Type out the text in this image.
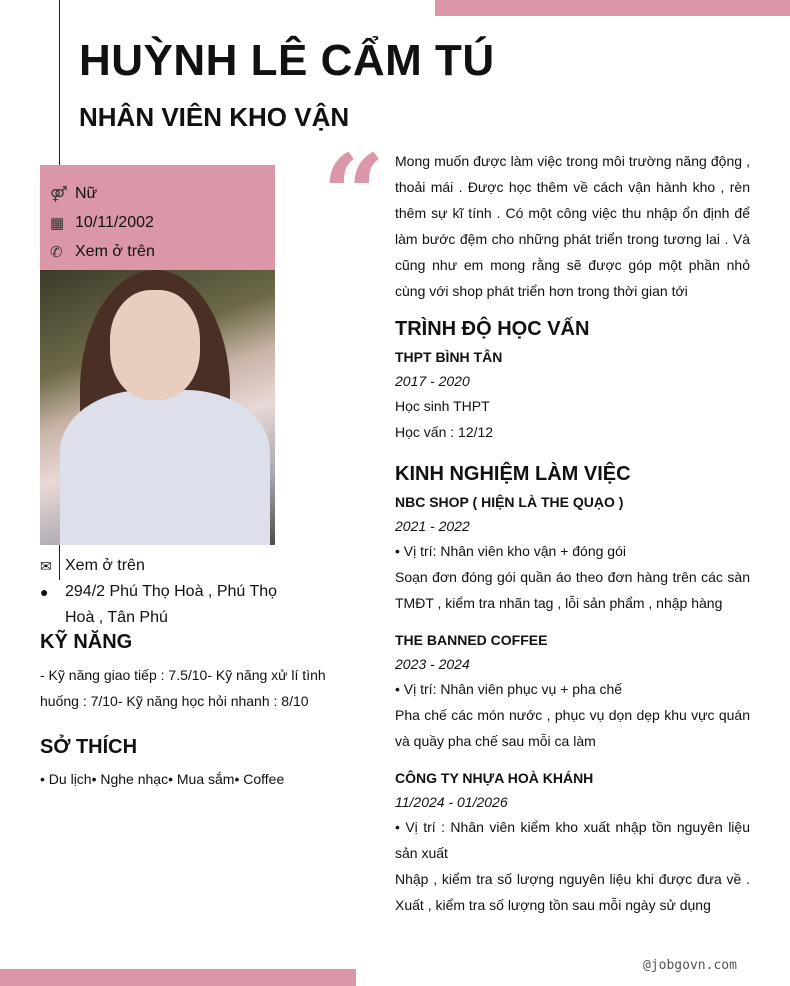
HUỲNH LÊ CẨM TÚ
NHÂN VIÊN KHO VẬN
⚤ Nữ
▦ 10/11/2002
✆ Xem ở trên
✉ Xem ở trên
●	294/2 Phú Thọ Hoà , Phú Thọ Hoà , Tân Phú
KỸ NĂNG
- Kỹ năng giao tiếp : 7.5/10- Kỹ năng xử lí tình huống : 7/10- Kỹ năng học hỏi nhanh : 8/10
SỞ THÍCH
• Du lịch• Nghe nhạc• Mua sắm• Coffee
“ Mong muốn được làm việc trong môi trường năng động , thoải mái . Được học thêm về cách vận hành kho , rèn thêm sự kĩ tính . Có một công việc thu nhập ổn định để làm bước đệm cho những phát triển trong tương lai . Và cũng như em mong rằng sẽ được góp một phần nhỏ cùng với shop phát triển hơn trong thời gian tới
TRÌNH ĐỘ HỌC VẤN
THPT BÌNH TÂN
2017 - 2020
Học sinh THPT
Học vấn : 12/12
KINH NGHIỆM LÀM VIỆC
NBC SHOP ( HIỆN LÀ THE QUẠO )
2021 - 2022
• Vị trí: Nhân viên kho vận + đóng gói
Soạn đơn đóng gói quần áo theo đơn hàng trên các sàn TMĐT , kiểm tra nhãn tag , lỗi sản phẩm , nhập hàng
THE BANNED COFFEE
2023 - 2024
• Vị trí: Nhân viên phục vụ + pha chế
Pha chế các món nước , phục vụ dọn dẹp khu vực quán và quầy pha chế sau mỗi ca làm
CÔNG TY NHỰA HOÀ KHÁNH
11/2024 - 01/2026
• Vị trí : Nhân viên kiểm kho xuất nhập tồn nguyên liệu sản xuất
Nhập , kiểm tra số lượng nguyên liệu khi được đưa về . Xuất , kiểm tra số lượng tồn sau mỗi ngày sử dụng
@jobgovn.com
